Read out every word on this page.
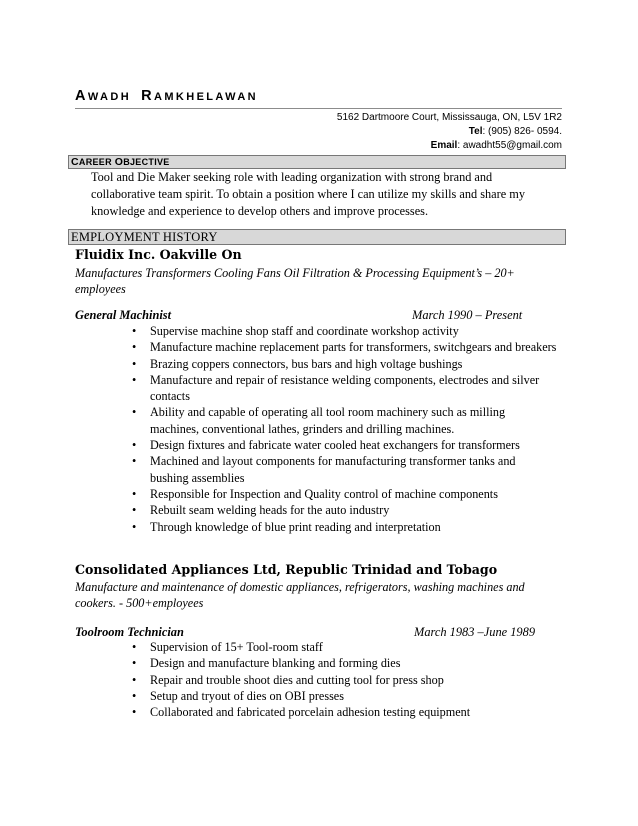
AWADH RAMKHELAWAN
5162 Dartmoore Court, Mississauga, ON, L5V 1R2
Tel: (905) 826- 0594.
Email: awadht55@gmail.com
CAREER OBJECTIVE
Tool and Die Maker seeking role with leading organization with strong brand and collaborative team spirit. To obtain a position where I can utilize my skills and share my knowledge and experience to develop others and improve processes.
EMPLOYMENT HISTORY
Fluidix Inc. Oakville On
Manufactures Transformers Cooling Fans Oil Filtration & Processing Equipment’s – 20+ employees
General Machinist	March 1990 – Present
• Supervise machine shop staff and coordinate workshop activity
• Manufacture machine replacement parts for transformers, switchgears and breakers
• Brazing coppers connectors, bus bars and high voltage bushings
• Manufacture and repair of resistance welding components, electrodes and silver contacts
• Ability and capable of operating all tool room machinery such as milling machines, conventional lathes, grinders and drilling machines.
• Design fixtures and fabricate water cooled heat exchangers for transformers
• Machined and layout components for manufacturing transformer tanks and bushing assemblies
• Responsible for Inspection and Quality control of machine components
• Rebuilt seam welding heads for the auto industry
• Through knowledge of blue print reading and interpretation
Consolidated Appliances Ltd, Republic Trinidad and Tobago
Manufacture and maintenance of domestic appliances, refrigerators, washing machines and cookers. - 500+employees
Toolroom Technician	March 1983 –June 1989
• Supervision of 15+ Tool-room staff
• Design and manufacture blanking and forming dies
• Repair and trouble shoot dies and cutting tool for press shop
• Setup and tryout of dies on OBI presses
• Collaborated and fabricated porcelain adhesion testing equipment
